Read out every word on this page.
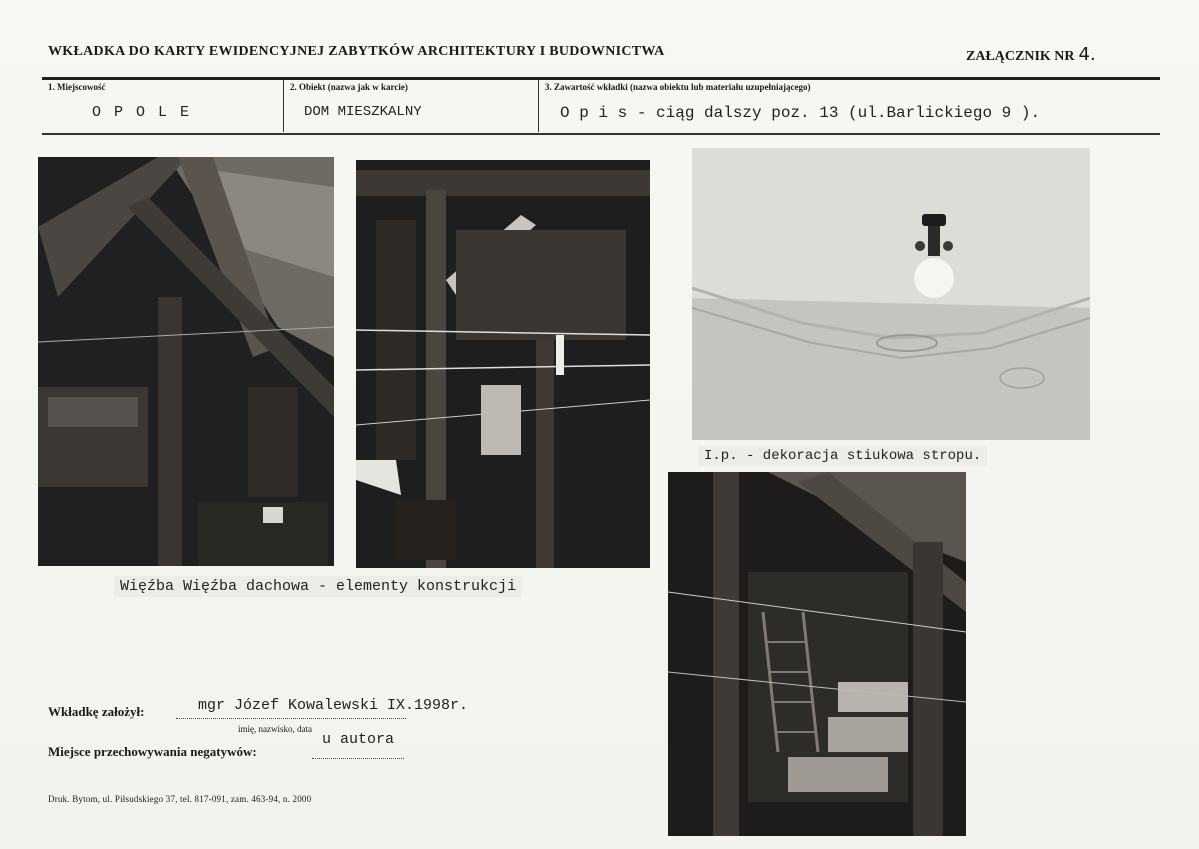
WKŁADKA DO KARTY EWIDENCYJNEJ ZABYTKÓW ARCHITEKTURY I BUDOWNICTWA	ZAŁĄCZNIK NR 4.
1. Miejscowość
O P O L E
2. Obiekt (nazwa jak w karcie)
DOM MIESZKALNY
3. Zawartość wkładki (nazwa obiektu lub materiału uzupełniającego)
O p i s - ciąg dalszy poz. 13 (ul.Barlickiego 9 ).
I.p. - dekoracja stiukowa stropu.
Więźba Więźba dachowa - elementy konstrukcji
Wkładkę założył:	mgr Józef Kowalewski IX.1998r.
imię, nazwisko, data
Miejsce przechowywania negatywów:
u autora
Druk. Bytom, ul. Piłsudskiego 37, tel. 817-091, zam. 463-94, n. 2000
